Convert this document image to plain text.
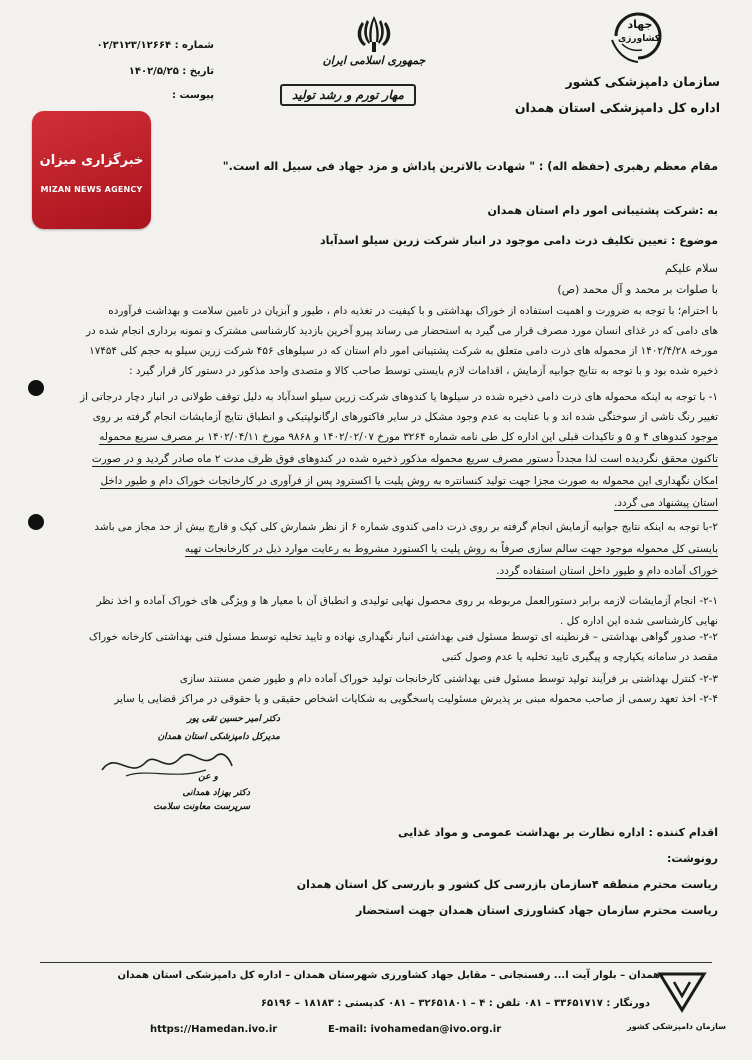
شماره : ۰۲/۳۱۲۳/۱۲۶۶۴
تاریخ : ۱۴۰۲/۵/۲۵
پیوست :
جمهوری اسلامی ایران
مهار تورم و رشد تولید
جهاد
کشاورزی
سازمان دامپزشکی کشور
اداره کل دامپزشکی استان همدان
خبرگزاری میزان
MIZAN NEWS AGENCY
مقام معظم رهبری (حفظه اله) : " شهادت بالاترین پاداش و مزد جهاد فی سبیل اله است."
به :شرکت پشتیبانی امور دام استان همدان
موضوع : تعیین تکلیف ذرت دامی موجود در انبار شرکت زرین سیلو اسدآباد
سلام علیکم
با صلوات بر محمد و آل محمد (ص)
با احترام؛ با توجه به ضرورت و اهمیت استفاده از خوراک بهداشتی و با کیفیت در تغذیه دام ، طیور و آبزیان در تامین سلامت و بهداشت فرآورده
های دامی که در غذای انسان مورد مصرف قرار می گیرد به استحضار می رساند پیرو آخرین بازدید کارشناسی مشترک و نمونه برداری انجام شده در
مورخه ۱۴۰۲/۴/۲۸ از محموله های ذرت دامی متعلق به شرکت پشتیبانی امور دام استان که در سیلوهای ۴۵۶ شرکت زرین سیلو به حجم کلی ۱۷۴۵۴
ذخیره شده بود و با توجه به نتایج جوابیه آزمایش ، اقدامات لازم بایستی توسط صاحب کالا و متصدی واحد مذکور در دستور کار قرار گیرد :
۱- با توجه به اینکه محموله های ذرت دامی ذخیره شده در سیلوها یا کندوهای شرکت زرین سیلو اسدآباد به دلیل توقف طولانی در انبار دچار درجاتی از
تغییر رنگ ناشی از سوختگی شده اند و با عنایت به عدم وجود مشکل در سایر فاکتورهای ارگانولپتیکی و انطباق نتایج آزمایشات انجام گرفته بر روی
موجود کندوهای ۴ و ۵ و تاکیدات قبلی این اداره کل طی نامه شماره ۳۲۶۴ مورخ ۱۴۰۲/۰۲/۰۷ و ۹۸۶۸ مورخ ۱۴۰۲/۰۴/۱۱ بر مصرف سریع محموله
تاکنون محقق نگردیده است لذا مجدداً دستور مصرف سریع محموله مذکور ذخیره شده در کندوهای فوق ظرف مدت ۲ ماه صادر گردید و در صورت
امکان نگهداری این محموله به صورت مجزا جهت تولید کنسانتره به روش پلیت یا اکسترود پس از فرآوری در کارخانجات خوراک دام و طیور داخل
استان پیشنهاد می گردد.
۲-با توجه به اینکه نتایج جوابیه آزمایش انجام گرفته بر روی ذرت دامی کندوی شماره ۶ از نظر شمارش کلی کپک و قارچ بیش از حد مجاز می باشد
بایستی کل محموله موجود جهت سالم سازی صرفاً به روش پلیت یا اکستورد مشروط به رعایت موارد ذیل در کارخانجات تهیه
خوراک آماده دام و طیور داخل استان استفاده گردد.
۲-۱- انجام آزمایشات لازمه برابر دستورالعمل مربوطه بر روی محصول نهایی تولیدی و انطباق آن با معیار ها و ویژگی های خوراک آماده و اخذ نظر
نهایی کارشناسی شده این اداره کل .
۲-۲- صدور گواهی بهداشتی – قرنطینه ای توسط مسئول فنی بهداشتی انبار نگهداری نهاده و تایید تخلیه توسط مسئول فنی بهداشتی کارخانه خوراک
مقصد در سامانه یکپارچه و پیگیری تایید تخلیه یا عدم وصول کتبی
۲-۳- کنترل بهداشتی بر فرآیند تولید توسط مسئول فنی بهداشتی کارخانجات تولید خوراک آماده دام و طیور ضمن مستند سازی
۲-۴- اخذ تعهد رسمی از صاحب محموله مبنی بر پذیرش مسئولیت پاسخگویی به شکایات اشخاص حقیقی و یا حقوقی در مراکز قضایی یا سایر
دکتر امیر حسین تقی پور
مدیرکل دامپزشکی استان همدان
و عن
دکتر بهزاد همدانی
سرپرست معاونت سلامت
اقدام کننده : اداره نظارت بر بهداشت عمومی و مواد غذایی
رونوشت:
ریاست محترم منطقه ۴سازمان بازرسی کل کشور و بازرسی کل استان همدان
ریاست محترم سازمان جهاد کشاورزی استان همدان جهت استحضار
همدان – بلوار آیت ا... رفسنجانی – مقابل جهاد کشاورزی شهرستان همدان – اداره کل دامپزشکی استان همدان
دورنگار : ۳۳۶۵۱۷۱۷ – ۰۸۱ تلفن : ۴ – ۳۲۶۵۱۸۰۱ – ۰۸۱ کدپستی : ۱۸۱۸۳ – ۶۵۱۹۶
https://Hamedan.ivo.ir	E-mail: ivohamedan@ivo.org.ir	سازمان دامپزشکی کشور
